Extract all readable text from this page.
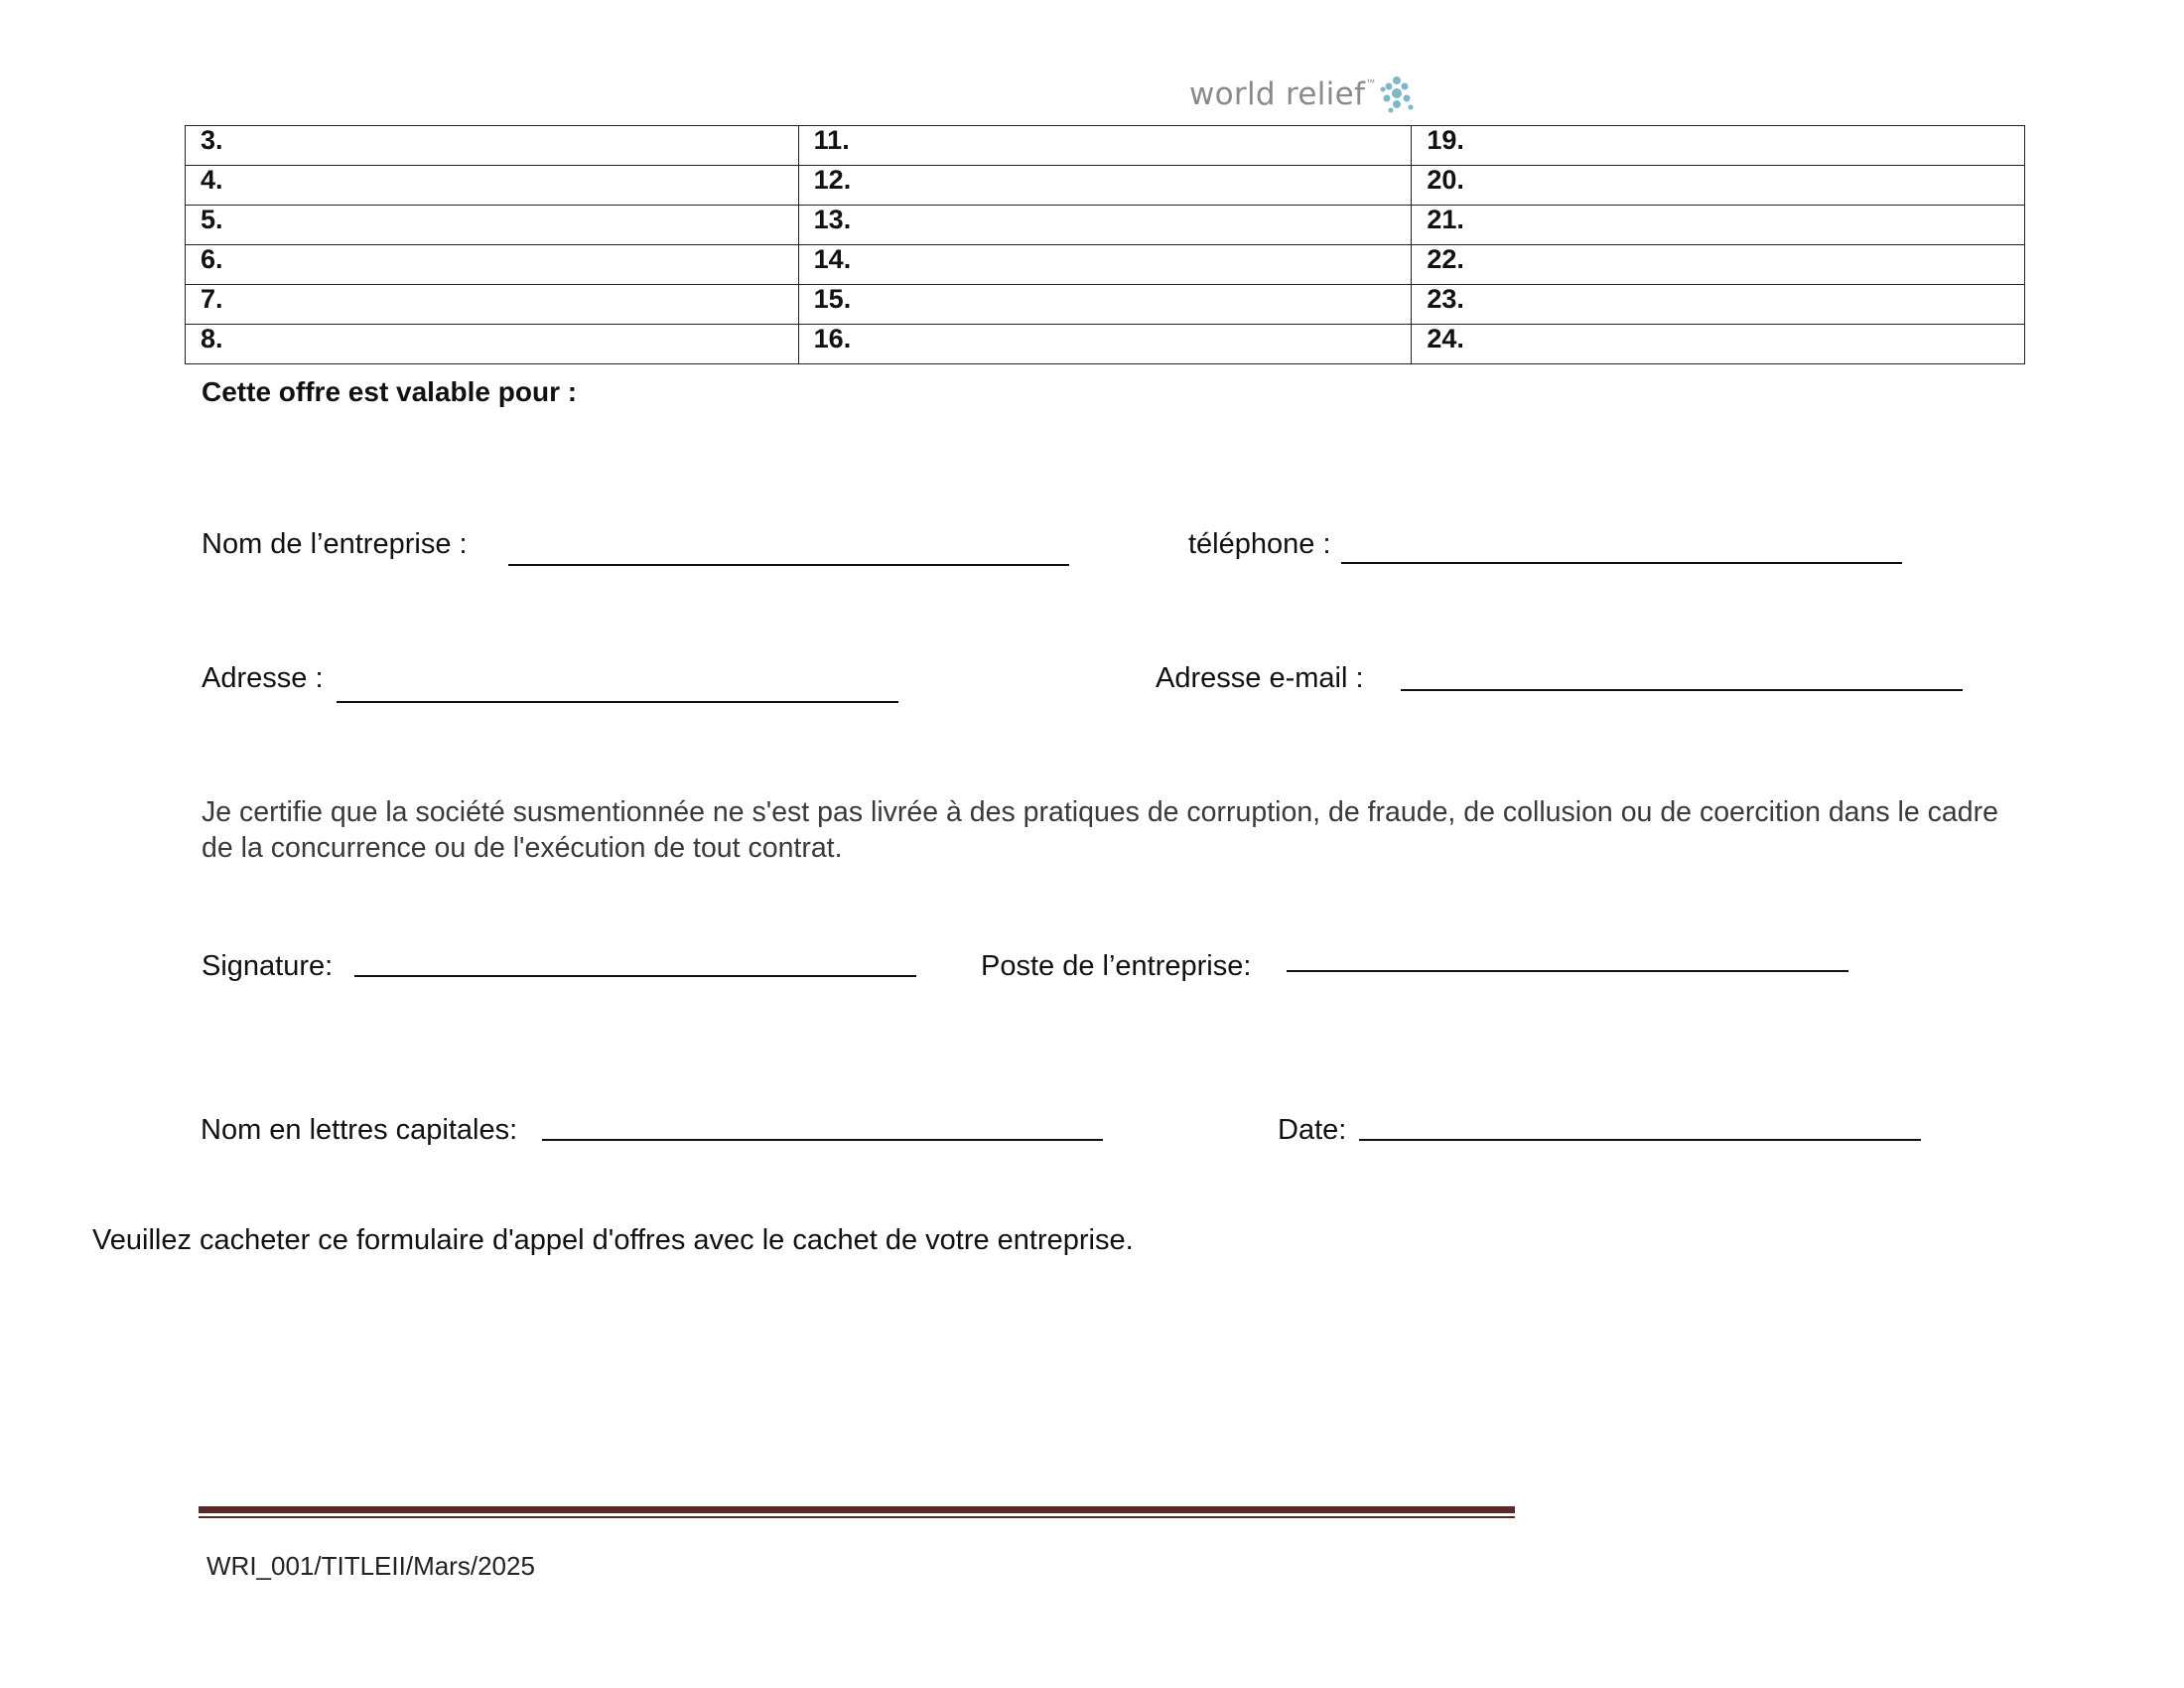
world relief ™
3.	11.	19.
4.	12.	20.
5.	13.	21.
6.	14.	22.
7.	15.	23.
8.	16.	24.
Cette offre est valable pour :
Nom de l’entreprise :	téléphone :
Adresse :	Adresse e-mail :
Je certifie que la société susmentionnée ne s'est pas livrée à des pratiques de corruption, de fraude, de collusion ou de coercition dans le cadre de la concurrence ou de l'exécution de tout contrat.
Signature:	Poste de l’entreprise:
Nom en lettres capitales:	Date:
Veuillez cacheter ce formulaire d'appel d'offres avec le cachet de votre entreprise.
WRI_001/TITLEII/Mars/2025
